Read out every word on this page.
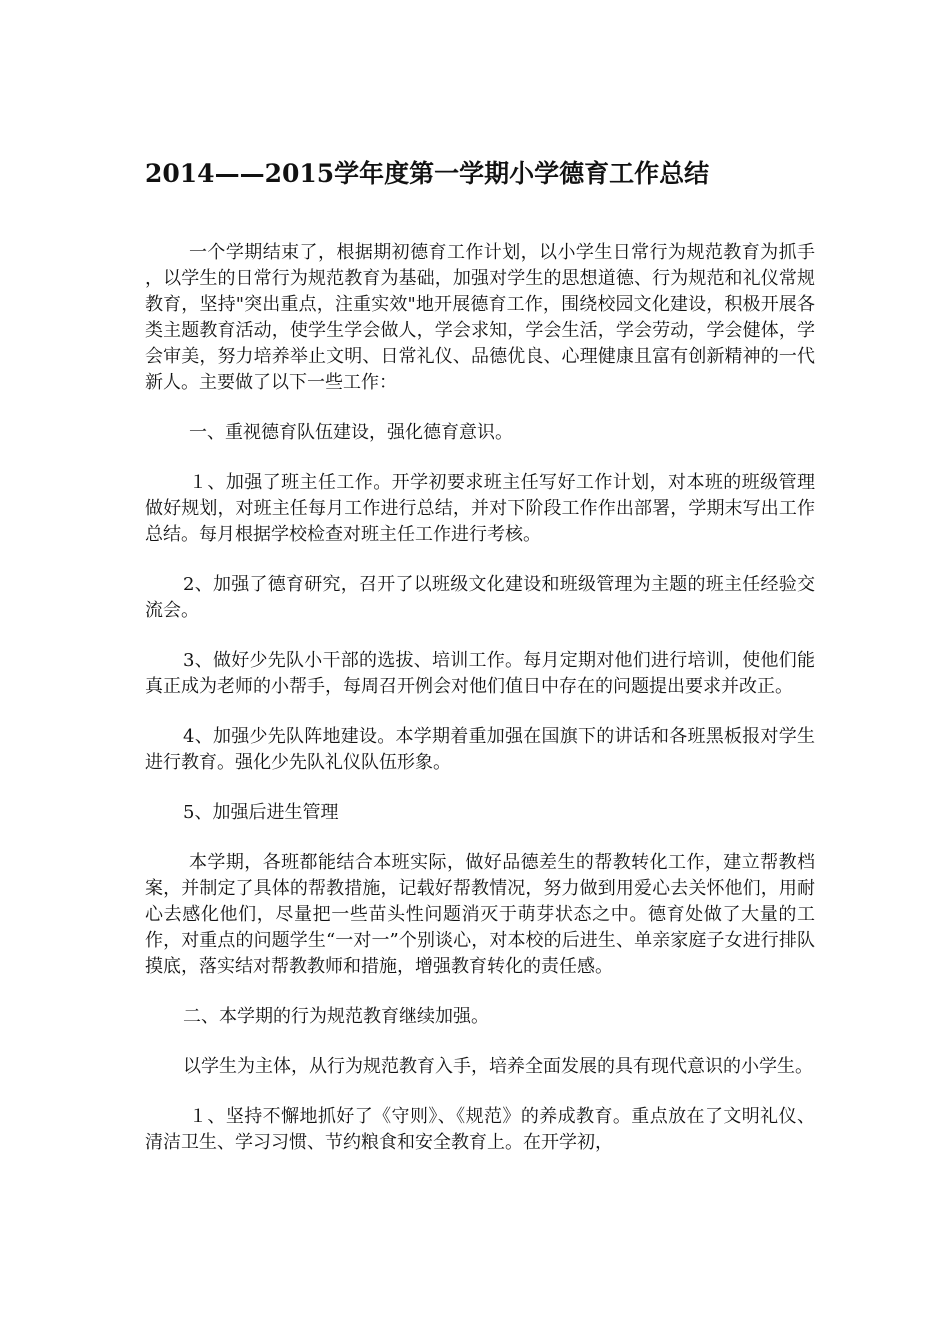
2014——2015学年度第一学期小学德育工作总结

一个学期结束了，根据期初德育工作计划，以小学生日常行为规范教育为抓手 ，以学生的日常行为规范教育为基础，加强对学生的思想道德、行为规范和礼仪常规教育，坚持"突出重点，注重实效"地开展德育工作，围绕校园文化建设，积极开展各类主题教育活动，使学生学会做人，学会求知，学会生活，学会劳动，学会健体，学会审美，努力培养举止文明、日常礼仪、品德优良、心理健康且富有创新精神的一代新人。主要做了以下一些工作：

一、重视德育队伍建设，强化德育意识。

１、加强了班主任工作。开学初要求班主任写好工作计划，对本班的班级管理做好规划，对班主任每月工作进行总结，并对下阶段工作作出部署，学期末写出工作总结。每月根据学校检查对班主任工作进行考核。

2、加强了德育研究，召开了以班级文化建设和班级管理为主题的班主任经验交流会。

3、做好少先队小干部的选拔、培训工作。每月定期对他们进行培训，使他们能真正成为老师的小帮手，每周召开例会对他们值日中存在的问题提出要求并改正。

4、加强少先队阵地建设。本学期着重加强在国旗下的讲话和各班黑板报对学生进行教育。强化少先队礼仪队伍形象。

5、加强后进生管理

本学期，各班都能结合本班实际，做好品德差生的帮教转化工作，建立帮教档案，并制定了具体的帮教措施，记载好帮教情况，努力做到用爱心去关怀他们，用耐心去感化他们，尽量把一些苗头性问题消灭于萌芽状态之中。德育处做了大量的工作，对重点的问题学生“一对一”个别谈心，对本校的后进生、单亲家庭子女进行排队摸底，落实结对帮教教师和措施，增强教育转化的责任感。

二、本学期的行为规范教育继续加强。

以学生为主体，从行为规范教育入手，培养全面发展的具有现代意识的小学生。

１、坚持不懈地抓好了《守则》、《规范》的养成教育。重点放在了文明礼仪、清洁卫生、学习习惯、节约粮食和安全教育上。在开学初，
